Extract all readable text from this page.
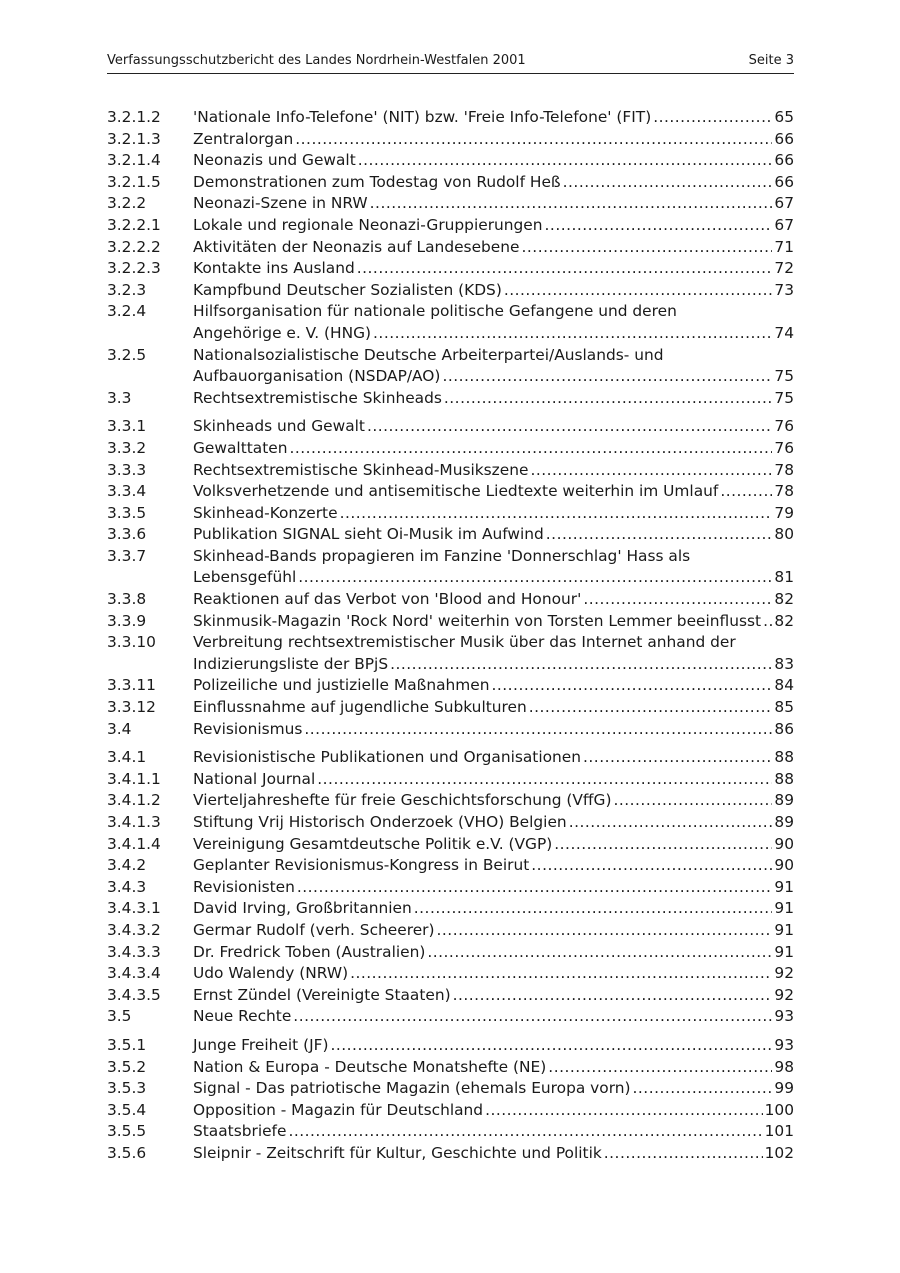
Verfassungsschutzbericht des Landes Nordrhein-Westfalen 2001	Seite 3
3.2.1.2 'Nationale Info-Telefone' (NIT) bzw. 'Freie Info-Telefone' (FIT) .....	65
3.2.1.3 Zentralorgan .....	66
3.2.1.4 Neonazis und Gewalt .....	66
3.2.1.5 Demonstrationen zum Todestag von Rudolf Heß .....	66
3.2.2	Neonazi-Szene in NRW .....	67
3.2.2.1 Lokale und regionale Neonazi-Gruppierungen .....	67
3.2.2.2 Aktivitäten der Neonazis auf Landesebene .....	71
3.2.2.3 Kontakte ins Ausland .....	72
3.2.3	Kampfbund Deutscher Sozialisten (KDS) .....	73
3.2.4	Hilfsorganisation für nationale politische Gefangene und deren
Angehörige e. V. (HNG) .....	74
3.2.5	Nationalsozialistische Deutsche Arbeiterpartei/Auslands- und
Aufbauorganisation (NSDAP/AO) .....	75
3.3	Rechtsextremistische Skinheads .....	75
3.3.1	Skinheads und Gewalt .....	76
3.3.2	Gewalttaten .....	76
3.3.3	Rechtsextremistische Skinhead-Musikszene .....	78
3.3.4	Volksverhetzende und antisemitische Liedtexte weiterhin im Umlauf .....	78
3.3.5	Skinhead-Konzerte .....	79
3.3.6	Publikation SIGNAL sieht Oi-Musik im Aufwind .....	80
3.3.7	Skinhead-Bands propagieren im Fanzine 'Donnerschlag' Hass als
Lebensgefühl .....	81
3.3.8	Reaktionen auf das Verbot von 'Blood and Honour' .....	82
3.3.9	Skinmusik-Magazin 'Rock Nord' weiterhin von Torsten Lemmer beeinflusst ..... 82
3.3.10 Verbreitung rechtsextremistischer Musik über das Internet anhand der
Indizierungsliste der BPjS .....	83
3.3.11 Polizeiliche und justizielle Maßnahmen .....	84
3.3.12 Einflussnahme auf jugendliche Subkulturen .....	85
3.4	Revisionismus .....	86
3.4.1	Revisionistische Publikationen und Organisationen .....	88
3.4.1.1 National Journal .....	88
3.4.1.2 Vierteljahreshefte für freie Geschichtsforschung (VffG) .....	89
3.4.1.3 Stiftung Vrij Historisch Onderzoek (VHO) Belgien .....	89
3.4.1.4 Vereinigung Gesamtdeutsche Politik e.V. (VGP) .....	90
3.4.2	Geplanter Revisionismus-Kongress in Beirut .....	90
3.4.3	Revisionisten .....	91
3.4.3.1 David Irving, Großbritannien .....	91
3.4.3.2 Germar Rudolf (verh. Scheerer) .....	91
3.4.3.3 Dr. Fredrick Toben (Australien) .....	91
3.4.3.4 Udo Walendy (NRW) .....	92
3.4.3.5 Ernst Zündel (Vereinigte Staaten) .....	92
3.5	Neue Rechte .....	93
3.5.1	Junge Freiheit (JF) .....	93
3.5.2	Nation & Europa - Deutsche Monatshefte (NE) .....	98
3.5.3	Signal - Das patriotische Magazin (ehemals Europa vorn) .....	99
3.5.4	Opposition - Magazin für Deutschland .....	100
3.5.5	Staatsbriefe .....	101
3.5.6	Sleipnir - Zeitschrift für Kultur, Geschichte und Politik .....	102
